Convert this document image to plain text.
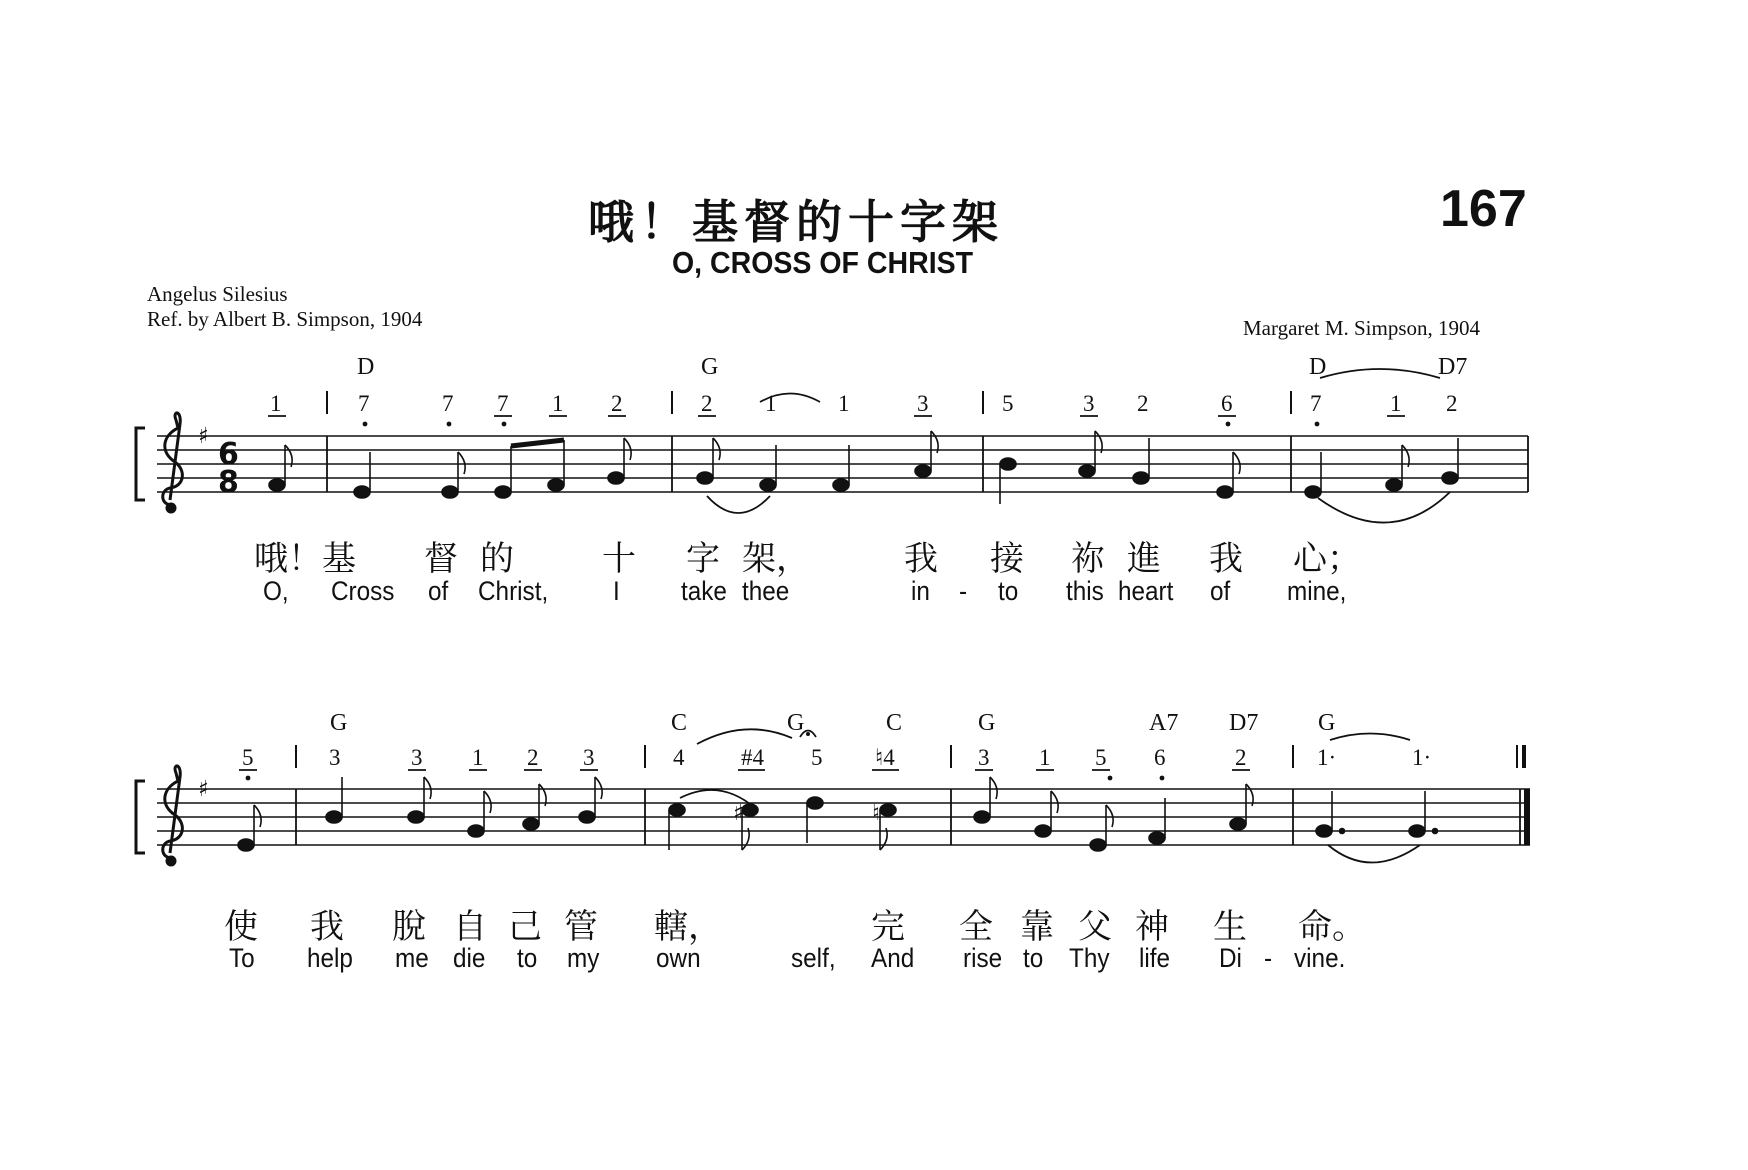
哦！基督的十字架
O, CROSS OF CHRIST
167
Angelus Silesius
Ref. by Albert B. Simpson, 1904	Margaret M. Simpson, 1904
D	G	D	D7
1	7	7 7 1 2	2 1	1	3	5	3 2	6	7	1 2
哦！基 督 的	十 字 架，	我 接 祢 進 我 心；
O, Cross of Christ, I take thee	in - to this heart of mine,
G	C	G	C	G	A7 D7 G
5	3	3 1 2 3	4 #4 5 ♮4	3 1 5 6	2	1·	1·
使 我 脫 自 己 管 轄，	完 全 靠 父 神 生 命。
To help me die to my own	self, And rise to Thy life Di - vine.
♯
♯
6
8
♯	♮
